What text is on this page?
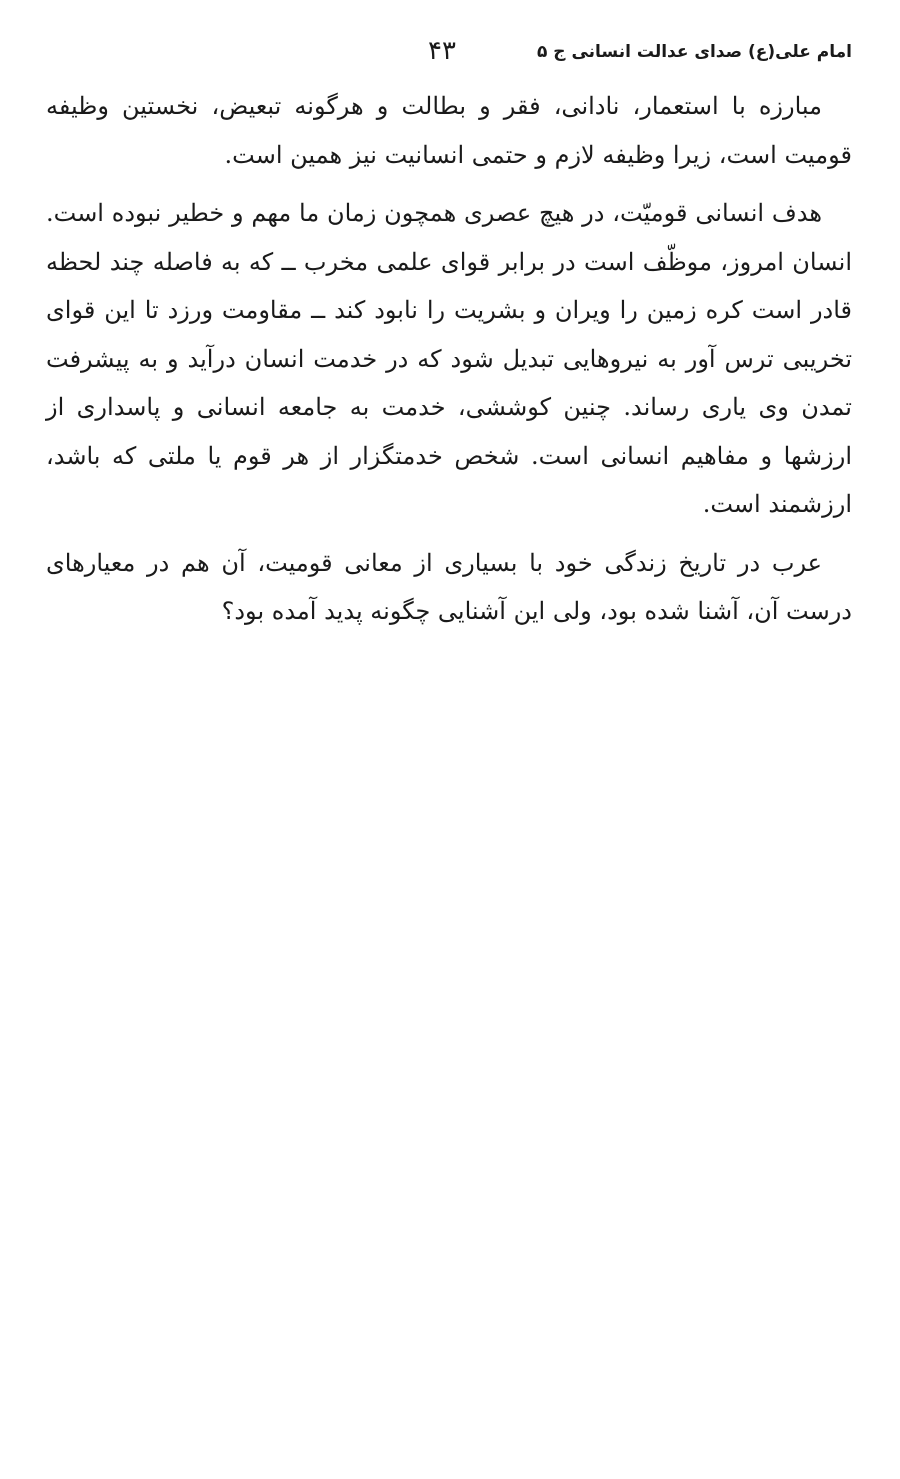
امام علی(ع) صدای عدالت انسانی ج ۵
۴۳

مبارزه با استعمار، نادانی، فقر و بطالت و هرگونه تبعیض، نخستین وظیفه قومیت است، زیرا وظیفه لازم و حتمی انسانیت نیز همین است.

هدف انسانی قومیّت، در هیچ عصری همچون زمان ما مهم و خطیر نبوده است. انسان امروز، موظّف است در برابر قوای علمی مخرب ــ که به فاصله چند لحظه قادر است کره زمین را ویران و بشریت را نابود کند ــ مقاومت ورزد تا این قوای تخریبی ترس آور به نیروهایی تبدیل شود که در خدمت انسان درآید و به پیشرفت تمدن وی یاری رساند. چنین کوششی، خدمت به جامعه انسانی و پاسداری از ارزشها و مفاهیم انسانی است. شخص خدمتگزار از هر قوم یا ملتی که باشد، ارزشمند است.

عرب در تاریخ زندگی خود با بسیاری از معانی قومیت، آن هم در معیارهای درست آن، آشنا شده بود، ولی این آشنایی چگونه پدید آمده بود؟
